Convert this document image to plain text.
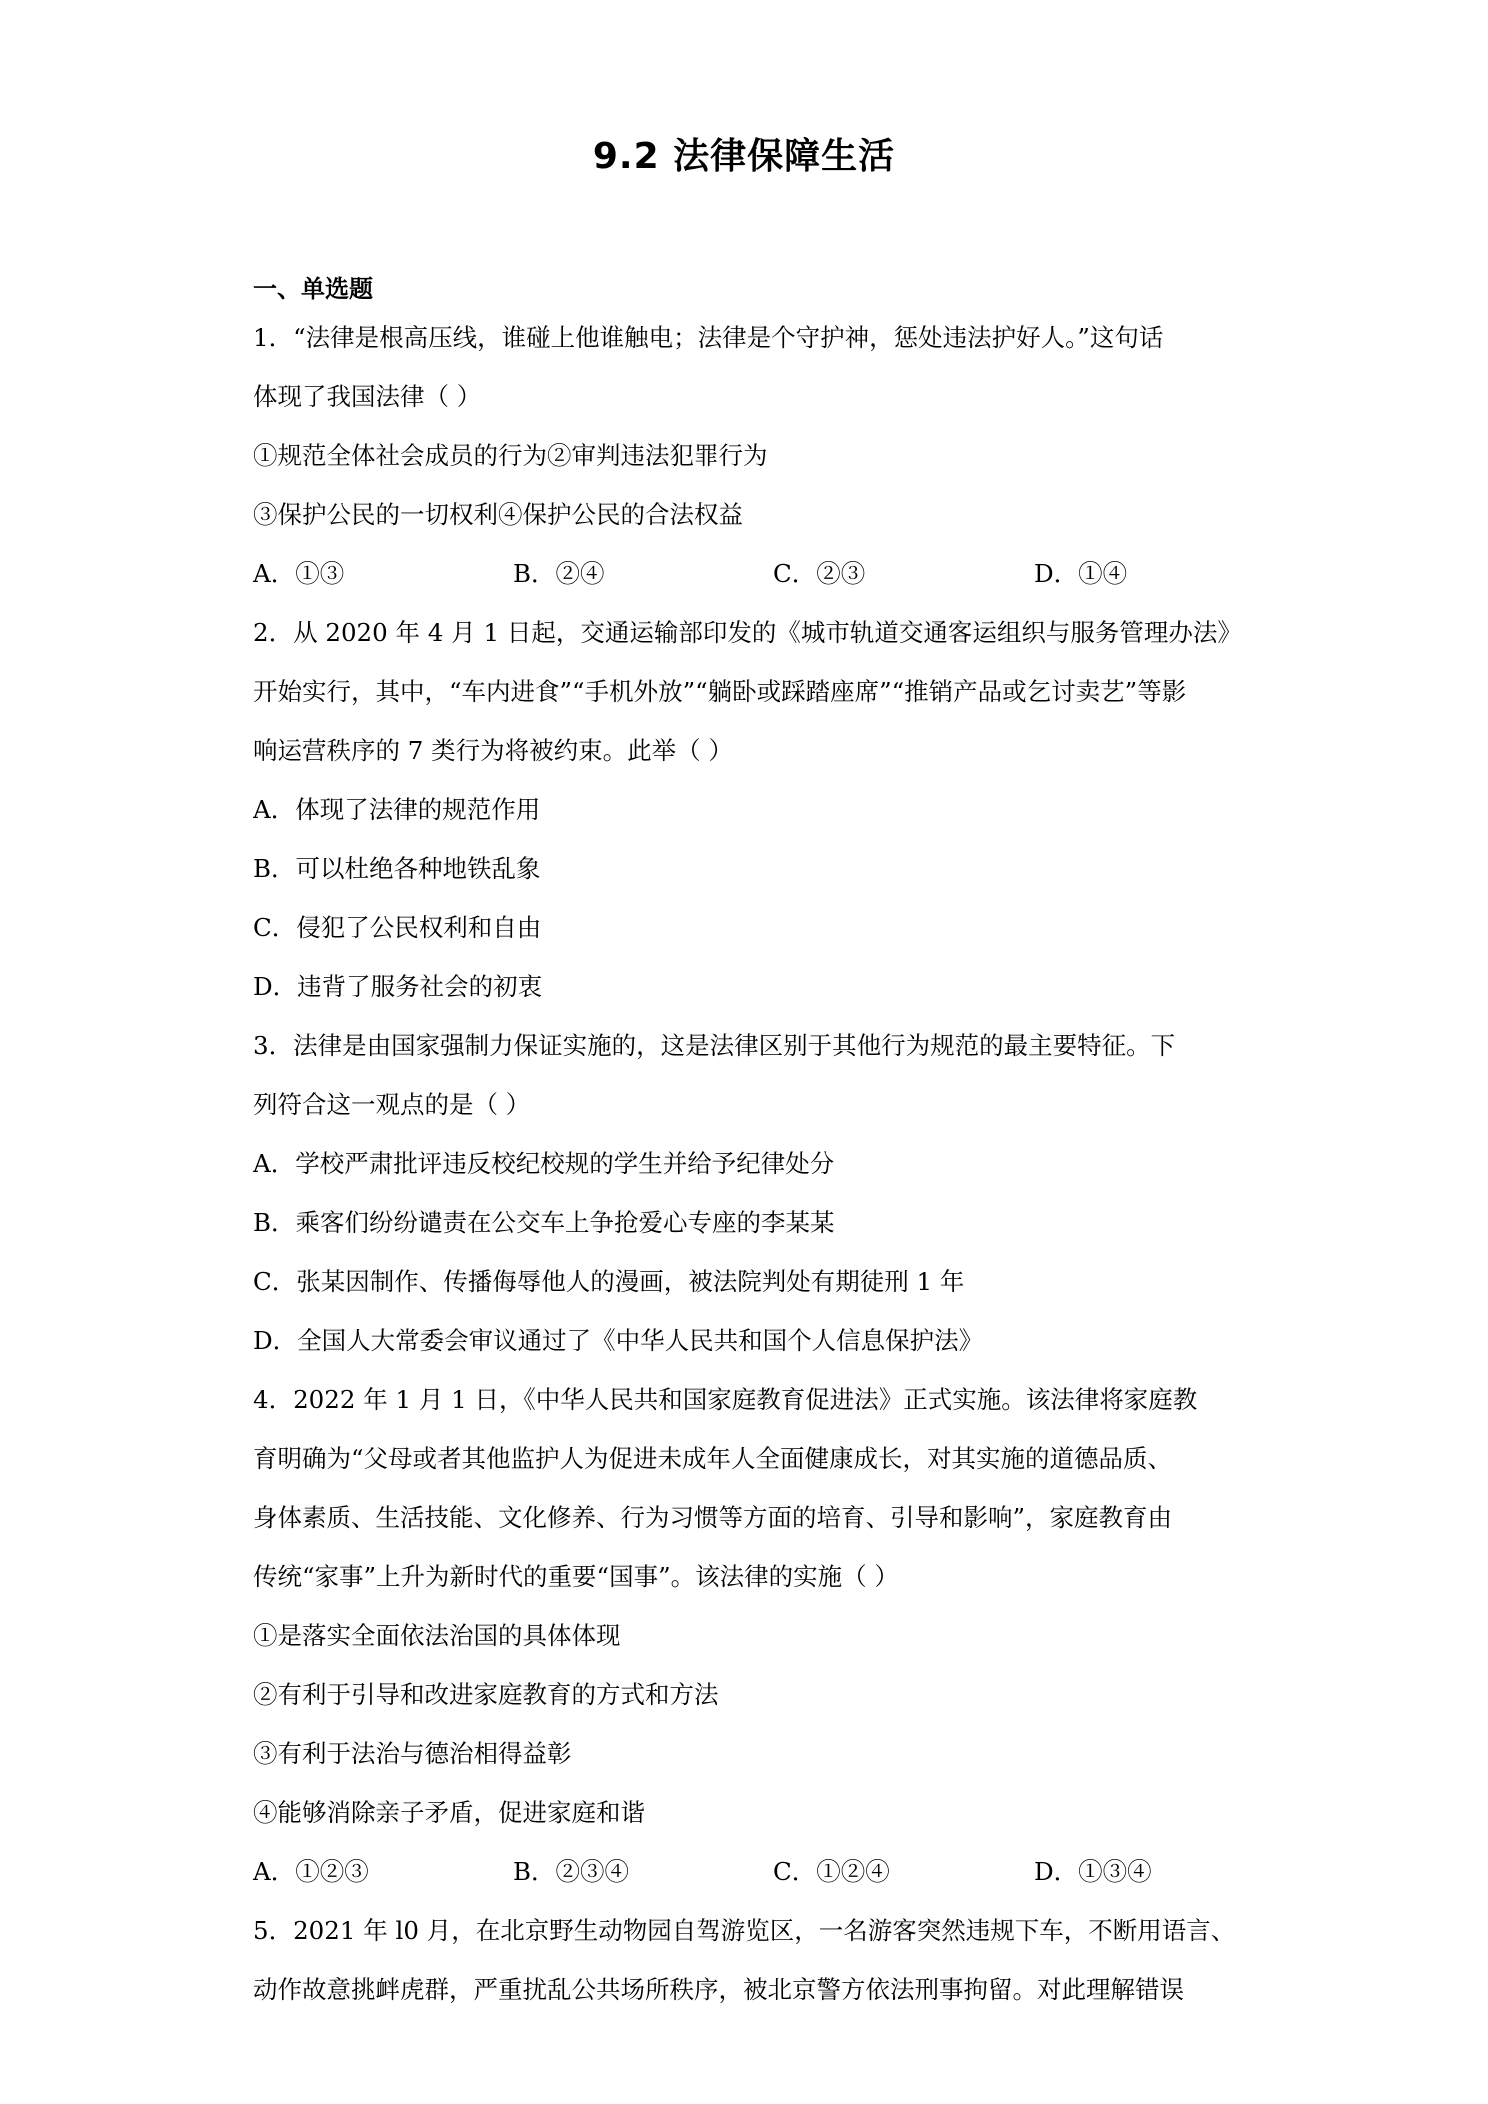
9.2 法律保障生活
一、单选题
1．“法律是根高压线，谁碰上他谁触电；法律是个守护神，惩处违法护好人。”这句话
体现了我国法律（ ）
①规范全体社会成员的行为②审判违法犯罪行为
③保护公民的一切权利④保护公民的合法权益
A．①③	B．②④	C．②③	D．①④
2．从 2020 年 4 月 1 日起，交通运输部印发的《城市轨道交通客运组织与服务管理办法》
开始实行，其中，“车内进食”“手机外放”“躺卧或踩踏座席”“推销产品或乞讨卖艺”等影
响运营秩序的 7 类行为将被约束。此举（ ）
A．体现了法律的规范作用
B．可以杜绝各种地铁乱象
C．侵犯了公民权利和自由
D．违背了服务社会的初衷
3．法律是由国家强制力保证实施的，这是法律区别于其他行为规范的最主要特征。下
列符合这一观点的是（ ）
A．学校严肃批评违反校纪校规的学生并给予纪律处分
B．乘客们纷纷谴责在公交车上争抢爱心专座的李某某
C．张某因制作、传播侮辱他人的漫画，被法院判处有期徒刑 1 年
D．全国人大常委会审议通过了《中华人民共和国个人信息保护法》
4．2022 年 1 月 1 日，《中华人民共和国家庭教育促进法》正式实施。该法律将家庭教
育明确为“父母或者其他监护人为促进未成年人全面健康成长，对其实施的道德品质、
身体素质、生活技能、文化修养、行为习惯等方面的培育、引导和影响”，家庭教育由
传统“家事”上升为新时代的重要“国事”。该法律的实施（ ）
①是落实全面依法治国的具体体现
②有利于引导和改进家庭教育的方式和方法
③有利于法治与德治相得益彰
④能够消除亲子矛盾，促进家庭和谐
A．①②③	B．②③④	C．①②④	D．①③④
5．2021 年 l0 月，在北京野生动物园自驾游览区，一名游客突然违规下车，不断用语言、
动作故意挑衅虎群，严重扰乱公共场所秩序，被北京警方依法刑事拘留。对此理解错误
